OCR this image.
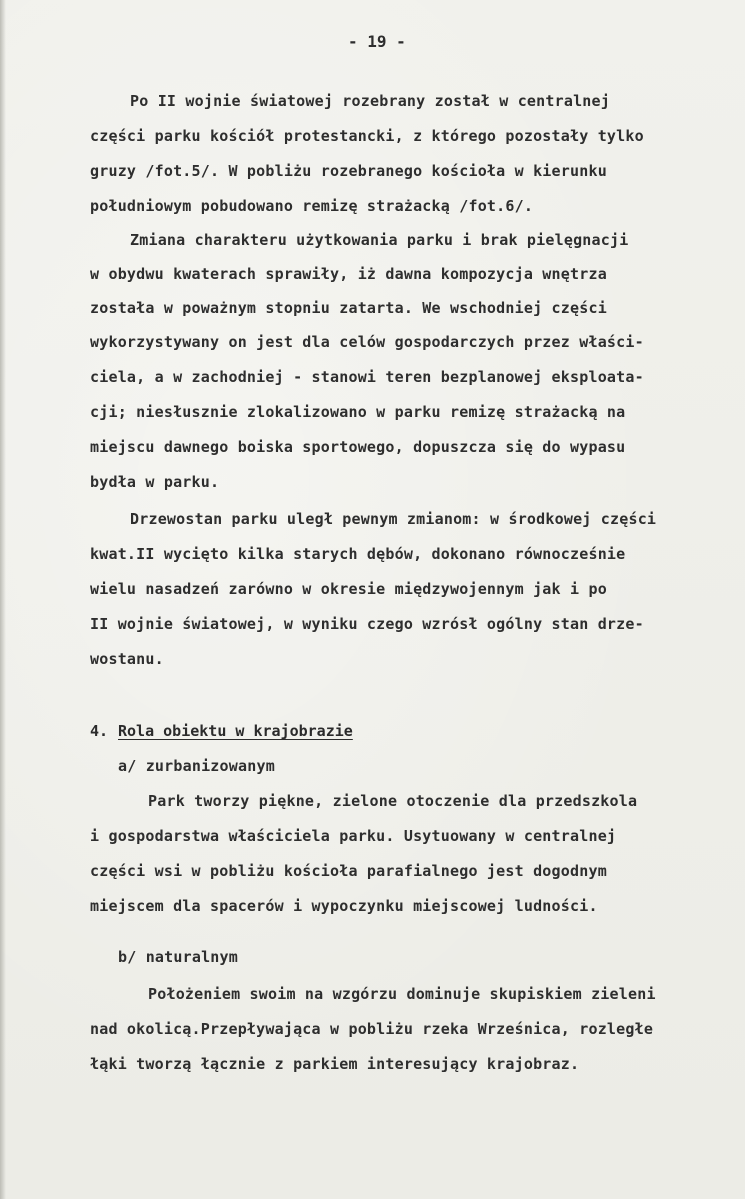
- 19 -
Po II wojnie światowej rozebrany został w centralnej
części parku kościół protestancki, z którego pozostały tylko
gruzy /fot.5/. W pobliżu rozebranego kościoła w kierunku
południowym pobudowano remizę strażacką /fot.6/.
Zmiana charakteru użytkowania parku i brak pielęgnacji
w obydwu kwaterach sprawiły, iż dawna kompozycja wnętrza
została w poważnym stopniu zatarta. We wschodniej części
wykorzystywany on jest dla celów gospodarczych przez właści-
ciela, a w zachodniej - stanowi teren bezplanowej eksploata-
cji; niesłusznie zlokalizowano w parku remizę strażacką na
miejscu dawnego boiska sportowego, dopuszcza się do wypasu
bydła w parku.
Drzewostan parku uległ pewnym zmianom: w środkowej części
kwat.II wycięto kilka starych dębów, dokonano równocześnie
wielu nasadzeń zarówno w okresie międzywojennym jak i po
II wojnie światowej, w wyniku czego wzrósł ogólny stan drze-
wostanu.
4. Rola obiektu w krajobrazie
a/ zurbanizowanym
Park tworzy piękne, zielone otoczenie dla przedszkola
i gospodarstwa właściciela parku. Usytuowany w centralnej
części wsi w pobliżu kościoła parafialnego jest dogodnym
miejscem dla spacerów i wypoczynku miejscowej ludności.
b/ naturalnym
Położeniem swoim na wzgórzu dominuje skupiskiem zieleni
nad okolicą.Przepływająca w pobliżu rzeka Wrześnica, rozległe
łąki tworzą łącznie z parkiem interesujący krajobraz.
